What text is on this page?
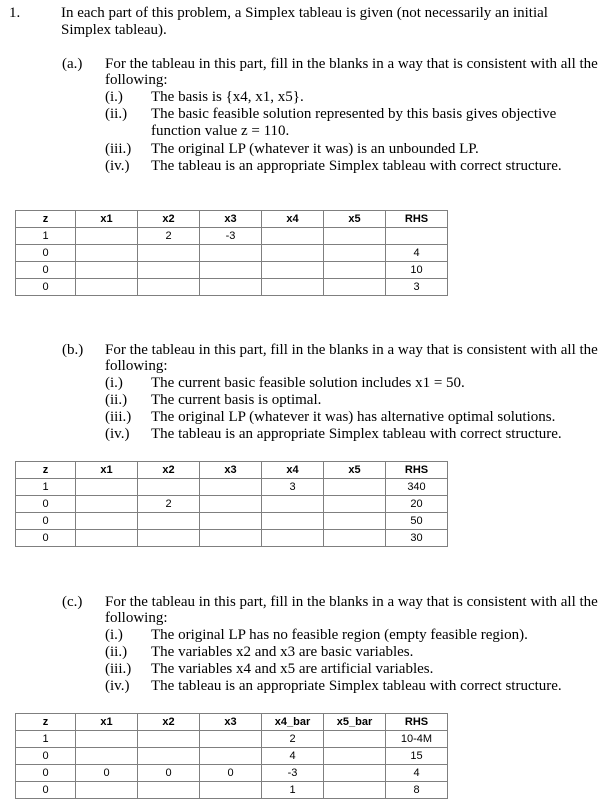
1.	In each part of this problem, a Simplex tableau is given (not necessarily an initial
Simplex tableau).
(a.) For the tableau in this part, fill in the blanks in a way that is consistent with all the
following:
(i.) The basis is {x4, x1, x5}.
(ii.) The basic feasible solution represented by this basis gives objective
function value z = 110.
(iii.) The original LP (whatever it was) is an unbounded LP.
(iv.) The tableau is an appropriate Simplex tableau with correct structure.
z	x1	x2	x3	x4	x5	RHS
1		2	-3			
0						4
0						10
0						3
(b.) For the tableau in this part, fill in the blanks in a way that is consistent with all the
following:
(i.) The current basic feasible solution includes x1 = 50.
(ii.) The current basis is optimal.
(iii.) The original LP (whatever it was) has alternative optimal solutions.
(iv.) The tableau is an appropriate Simplex tableau with correct structure.
z	x1	x2	x3	x4	x5	RHS
1				3		340
0		2				20
0						50
0						30
(c.) For the tableau in this part, fill in the blanks in a way that is consistent with all the
following:
(i.) The original LP has no feasible region (empty feasible region).
(ii.) The variables x2 and x3 are basic variables.
(iii.) The variables x4 and x5 are artificial variables.
(iv.) The tableau is an appropriate Simplex tableau with correct structure.
z	x1	x2	x3	x4_bar	x5_bar	RHS
1				2		10-4M
0				4		15
0	0	0	0	-3		4
0				1		8
